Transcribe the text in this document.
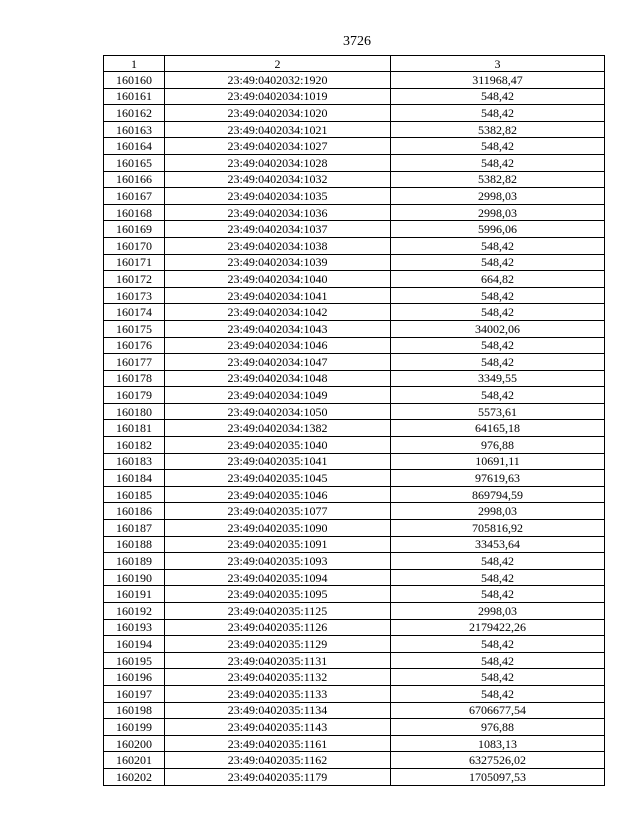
3726
1	2	3
160160	23:49:0402032:1920	311968,47
160161	23:49:0402034:1019	548,42
160162	23:49:0402034:1020	548,42
160163	23:49:0402034:1021	5382,82
160164	23:49:0402034:1027	548,42
160165	23:49:0402034:1028	548,42
160166	23:49:0402034:1032	5382,82
160167	23:49:0402034:1035	2998,03
160168	23:49:0402034:1036	2998,03
160169	23:49:0402034:1037	5996,06
160170	23:49:0402034:1038	548,42
160171	23:49:0402034:1039	548,42
160172	23:49:0402034:1040	664,82
160173	23:49:0402034:1041	548,42
160174	23:49:0402034:1042	548,42
160175	23:49:0402034:1043	34002,06
160176	23:49:0402034:1046	548,42
160177	23:49:0402034:1047	548,42
160178	23:49:0402034:1048	3349,55
160179	23:49:0402034:1049	548,42
160180	23:49:0402034:1050	5573,61
160181	23:49:0402034:1382	64165,18
160182	23:49:0402035:1040	976,88
160183	23:49:0402035:1041	10691,11
160184	23:49:0402035:1045	97619,63
160185	23:49:0402035:1046	869794,59
160186	23:49:0402035:1077	2998,03
160187	23:49:0402035:1090	705816,92
160188	23:49:0402035:1091	33453,64
160189	23:49:0402035:1093	548,42
160190	23:49:0402035:1094	548,42
160191	23:49:0402035:1095	548,42
160192	23:49:0402035:1125	2998,03
160193	23:49:0402035:1126	2179422,26
160194	23:49:0402035:1129	548,42
160195	23:49:0402035:1131	548,42
160196	23:49:0402035:1132	548,42
160197	23:49:0402035:1133	548,42
160198	23:49:0402035:1134	6706677,54
160199	23:49:0402035:1143	976,88
160200	23:49:0402035:1161	1083,13
160201	23:49:0402035:1162	6327526,02
160202	23:49:0402035:1179	1705097,53
